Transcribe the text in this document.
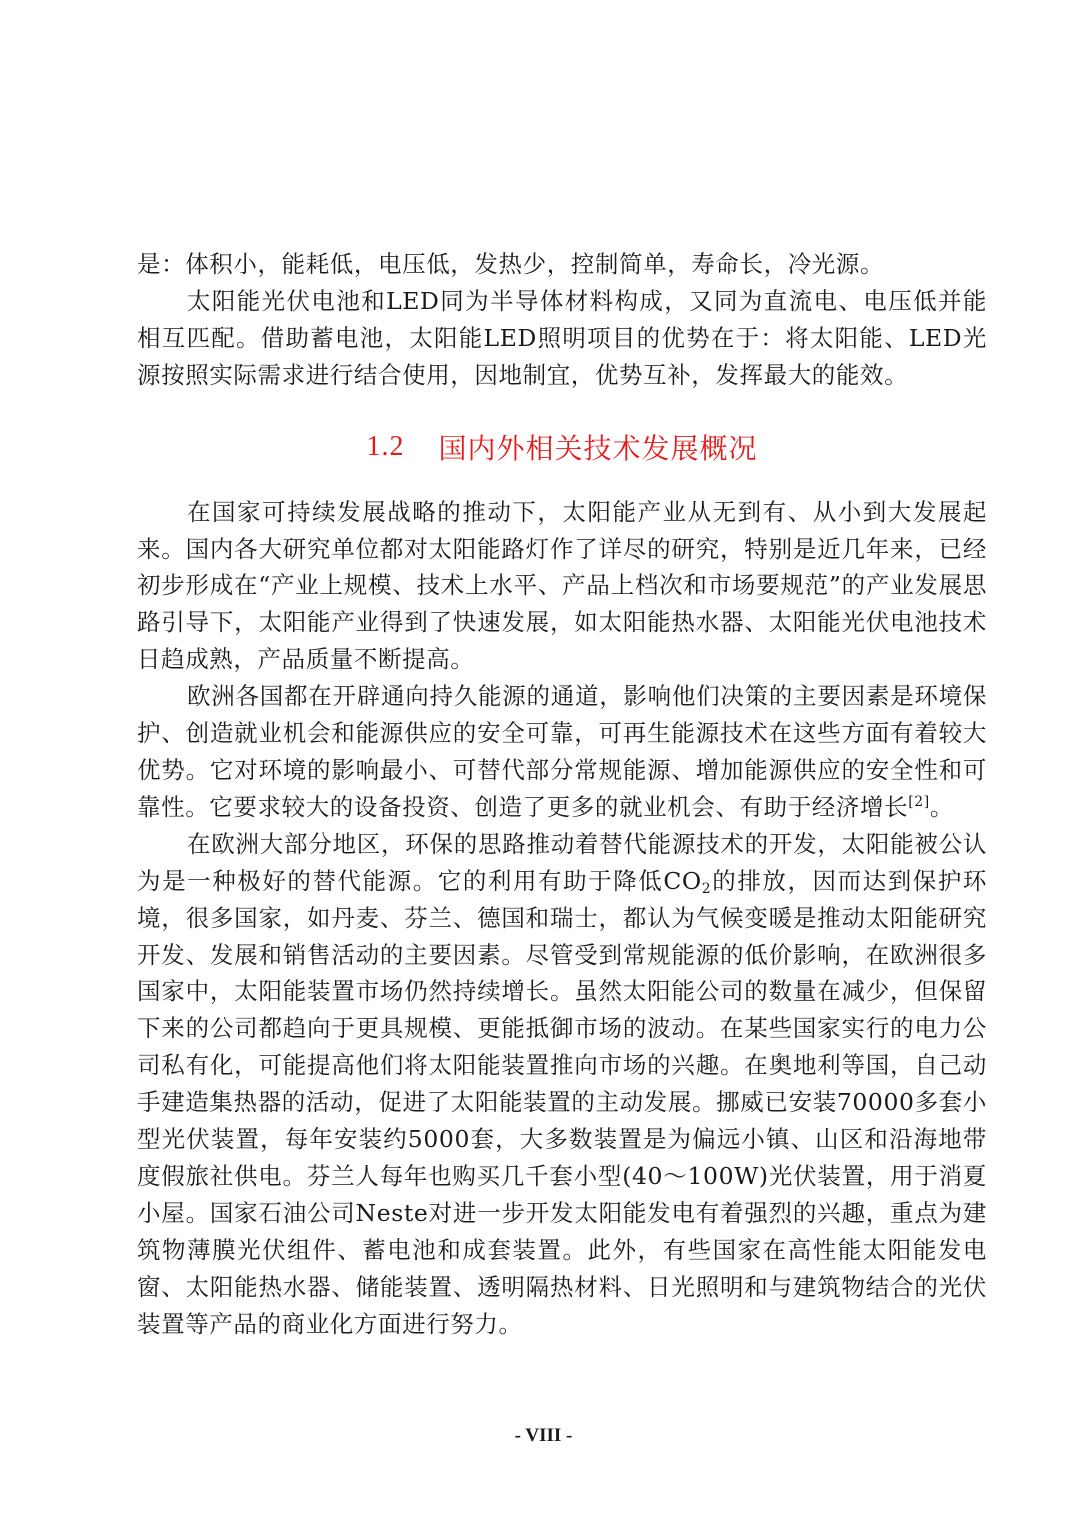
是：体积小，能耗低，电压低，发热少，控制简单，寿命长，冷光源。

太阳能光伏电池和LED同为半导体材料构成，又同为直流电、电压低并能相互匹配。借助蓄电池，太阳能LED照明项目的优势在于：将太阳能、LED光源按照实际需求进行结合使用，因地制宜，优势互补，发挥最大的能效。

1.2 国内外相关技术发展概况

在国家可持续发展战略的推动下，太阳能产业从无到有、从小到大发展起来。国内各大研究单位都对太阳能路灯作了详尽的研究，特别是近几年来，已经初步形成在“产业上规模、技术上水平、产品上档次和市场要规范”的产业发展思路引导下，太阳能产业得到了快速发展，如太阳能热水器、太阳能光伏电池技术日趋成熟，产品质量不断提高。

欧洲各国都在开辟通向持久能源的通道，影响他们决策的主要因素是环境保护、创造就业机会和能源供应的安全可靠，可再生能源技术在这些方面有着较大优势。它对环境的影响最小、可替代部分常规能源、增加能源供应的安全性和可靠性。它要求较大的设备投资、创造了更多的就业机会、有助于经济增长[2]。

在欧洲大部分地区，环保的思路推动着替代能源技术的开发，太阳能被公认为是一种极好的替代能源。它的利用有助于降低$CO_2$的排放，因而达到保护环境，很多国家，如丹麦、芬兰、德国和瑞士，都认为气候变暖是推动太阳能研究开发、发展和销售活动的主要因素。尽管受到常规能源的低价影响，在欧洲很多国家中，太阳能装置市场仍然持续增长。虽然太阳能公司的数量在减少，但保留下来的公司都趋向于更具规模、更能抵御市场的波动。在某些国家实行的电力公司私有化，可能提高他们将太阳能装置推向市场的兴趣。在奥地利等国，自己动手建造集热器的活动，促进了太阳能装置的主动发展。挪威已安装70000多套小型光伏装置，每年安装约5000套，大多数装置是为偏远小镇、山区和沿海地带度假旅社供电。芬兰人每年也购买几千套小型(40～100W)光伏装置，用于消夏小屋。国家石油公司Neste对进一步开发太阳能发电有着强烈的兴趣，重点为建筑物薄膜光伏组件、蓄电池和成套装置。此外，有些国家在高性能太阳能发电窗、太阳能热水器、储能装置、透明隔热材料、日光照明和与建筑物结合的光伏装置等产品的商业化方面进行努力。

- VIII -
